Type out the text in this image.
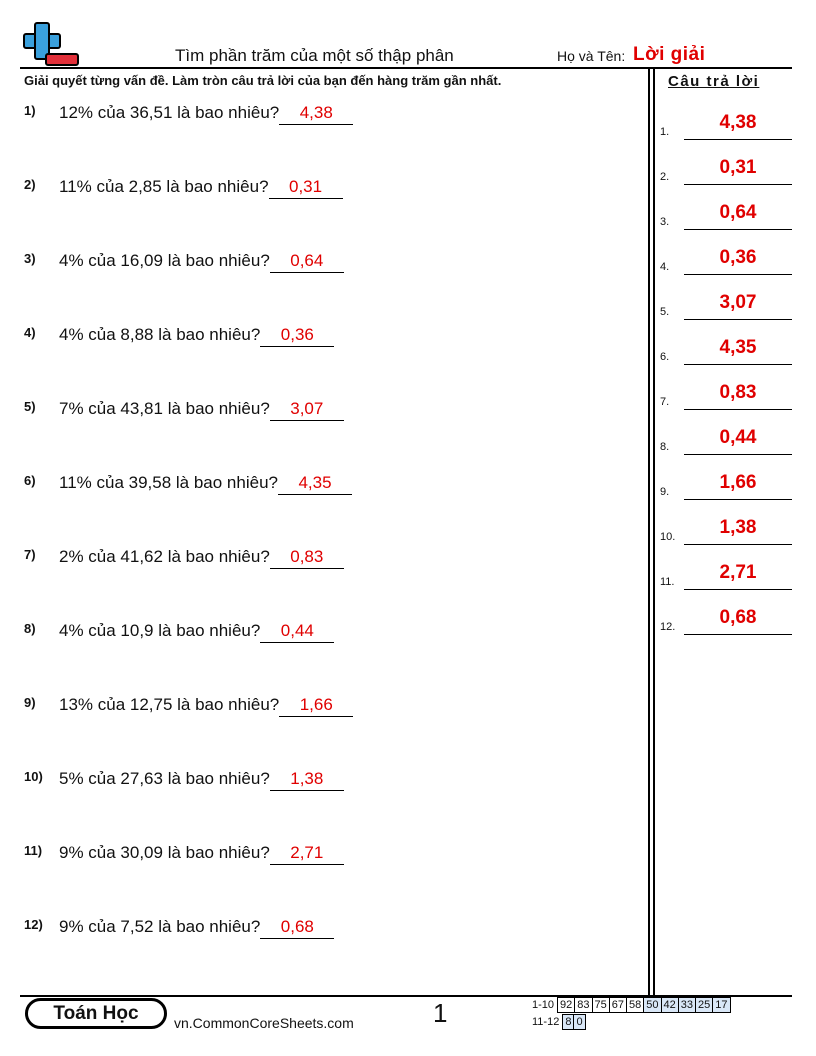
Tìm phần trăm của một số thập phân	Họ và Tên: Lời giải
Giải quyết từng vấn đề. Làm tròn câu trả lời của bạn đến hàng trăm gần nhất.	Câu trả lời
1) 12% của 36,51 là bao nhiêu? 4,38
2) 11% của 2,85 là bao nhiêu? 0,31
3) 4% của 16,09 là bao nhiêu? 0,64
4) 4% của 8,88 là bao nhiêu? 0,36
5) 7% của 43,81 là bao nhiêu? 3,07
6) 11% của 39,58 là bao nhiêu? 4,35
7) 2% của 41,62 là bao nhiêu? 0,83
8) 4% của 10,9 là bao nhiêu? 0,44
9) 13% của 12,75 là bao nhiêu? 1,66
10) 5% của 27,63 là bao nhiêu? 1,38
11) 9% của 30,09 là bao nhiêu? 2,71
12) 9% của 7,52 là bao nhiêu? 0,68
1.	4,38
2.	0,31
3.	0,64
4.	0,36
5.	3,07
6.	4,35
7.	0,83
8.	0,44
9.	1,66
10.	1,38
11.	2,71
12.	0,68
Toán Học	vn.CommonCoreSheets.com	1	1-10	92	83	75	67	58	50	42	33	25	17
11-12	8	0
